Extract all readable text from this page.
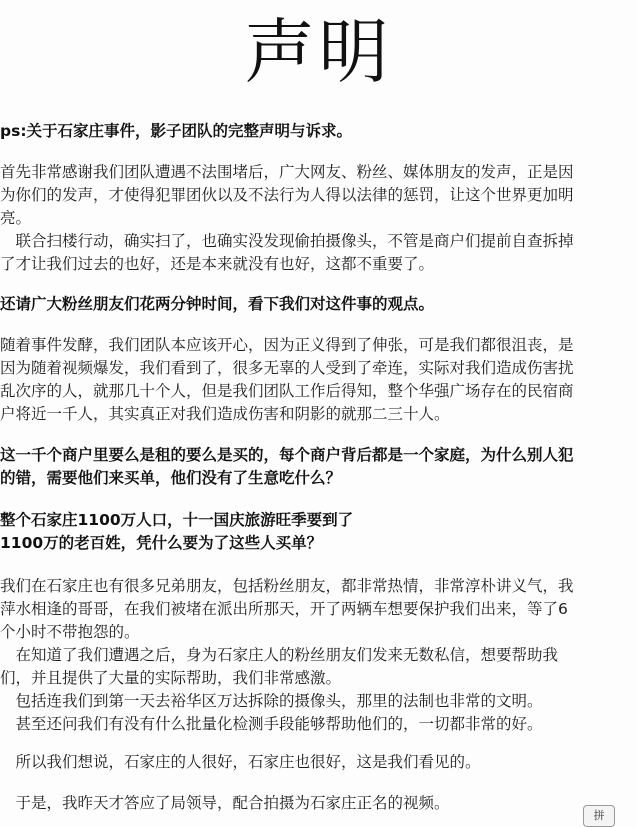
声明
ps:关于石家庄事件，影子团队的完整声明与诉求。
首先非常感谢我们团队遭遇不法围堵后，广大网友、粉丝、媒体朋友的发声，正是因
为你们的发声，才使得犯罪团伙以及不法行为人得以法律的惩罚，让这个世界更加明
亮。
　联合扫楼行动，确实扫了，也确实没发现偷拍摄像头，不管是商户们提前自查拆掉
了才让我们过去的也好，还是本来就没有也好，这都不重要了。
还请广大粉丝朋友们花两分钟时间，看下我们对这件事的观点。
随着事件发酵，我们团队本应该开心，因为正义得到了伸张，可是我们都很沮丧，是
因为随着视频爆发，我们看到了，很多无辜的人受到了牵连，实际对我们造成伤害扰
乱次序的人，就那几十个人，但是我们团队工作后得知，整个华强广场存在的民宿商
户将近一千人，其实真正对我们造成伤害和阴影的就那二三十人。
这一千个商户里要么是租的要么是买的，每个商户背后都是一个家庭，为什么别人犯
的错，需要他们来买单，他们没有了生意吃什么？
整个石家庄1100万人口，十一国庆旅游旺季要到了
1100万的老百姓，凭什么要为了这些人买单？
我们在石家庄也有很多兄弟朋友，包括粉丝朋友，都非常热情，非常淳朴讲义气，我
萍水相逢的哥哥，在我们被堵在派出所那天，开了两辆车想要保护我们出来，等了6
个小时不带抱怨的。
　在知道了我们遭遇之后，身为石家庄人的粉丝朋友们发来无数私信，想要帮助我
们，并且提供了大量的实际帮助，我们非常感激。
　包括连我们到第一天去裕华区万达拆除的摄像头，那里的法制也非常的文明。
　甚至还问我们有没有什么批量化检测手段能够帮助他们的，一切都非常的好。
　所以我们想说，石家庄的人很好，石家庄也很好，这是我们看见的。
　于是，我昨天才答应了局领导，配合拍摄为石家庄正名的视频。
拼
